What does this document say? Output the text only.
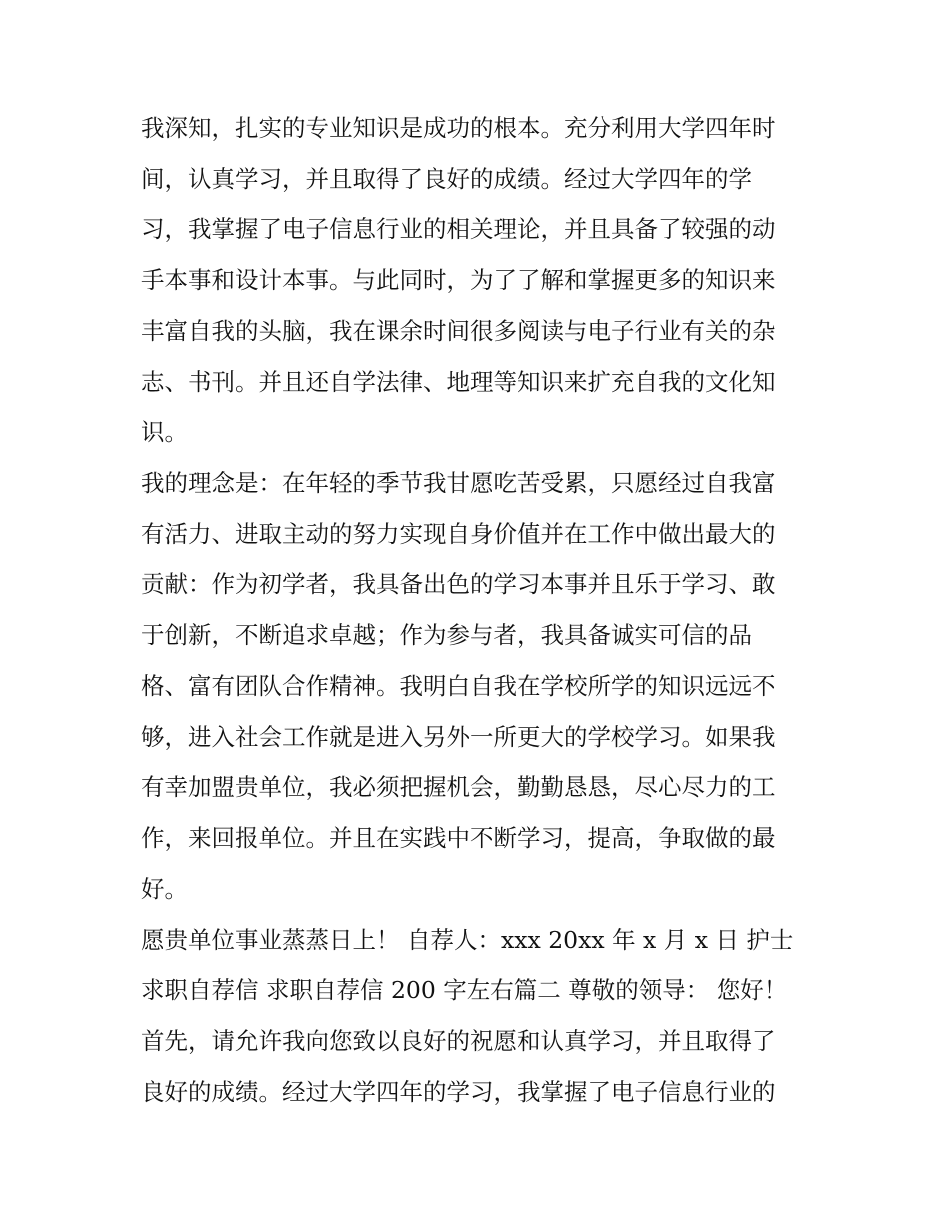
我深知，扎实的专业知识是成功的根本。充分利用大学四年时
间，认真学习，并且取得了良好的成绩。经过大学四年的学
习，我掌握了电子信息行业的相关理论，并且具备了较强的动
手本事和设计本事。与此同时，为了了解和掌握更多的知识来
丰富自我的头脑，我在课余时间很多阅读与电子行业有关的杂
志、书刊。并且还自学法律、地理等知识来扩充自我的文化知
识。
我的理念是：在年轻的季节我甘愿吃苦受累，只愿经过自我富
有活力、进取主动的努力实现自身价值并在工作中做出最大的
贡献：作为初学者，我具备出色的学习本事并且乐于学习、敢
于创新，不断追求卓越；作为参与者，我具备诚实可信的品
格、富有团队合作精神。我明白自我在学校所学的知识远远不
够，进入社会工作就是进入另外一所更大的学校学习。如果我
有幸加盟贵单位，我必须把握机会，勤勤恳恳，尽心尽力的工
作，来回报单位。并且在实践中不断学习，提高，争取做的最
好。
愿贵单位事业蒸蒸日上！ 自荐人：xxx 20xx 年 x 月 x 日 护士
求职自荐信 求职自荐信 200 字左右篇二 尊敬的领导： 您好！
首先，请允许我向您致以良好的祝愿和认真学习，并且取得了
良好的成绩。经过大学四年的学习，我掌握了电子信息行业的
